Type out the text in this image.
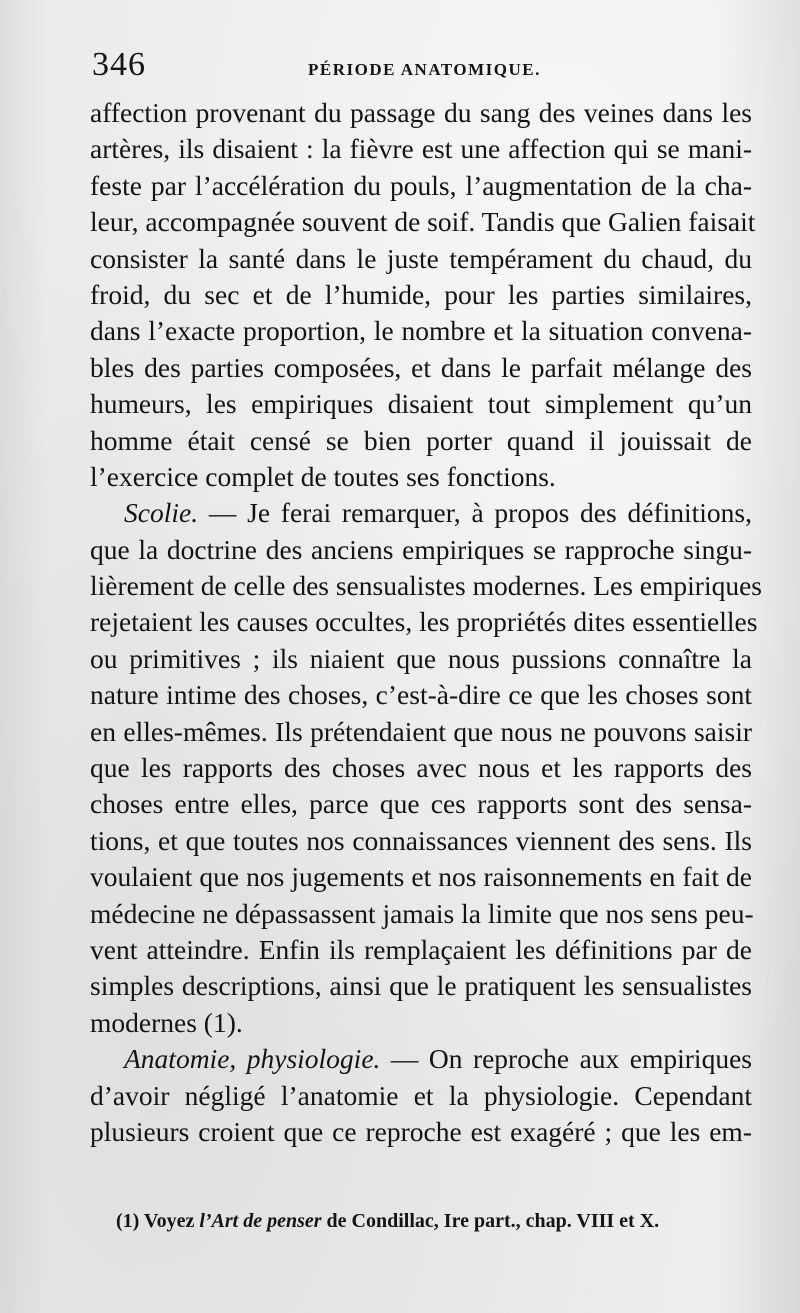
346	PÉRIODE ANATOMIQUE.
affection provenant du passage du sang des veines dans les
artères, ils disaient : la fièvre est une affection qui se mani-
feste par l’accélération du pouls, l’augmentation de la cha-
leur, accompagnée souvent de soif. Tandis que Galien faisait
consister la santé dans le juste tempérament du chaud, du
froid, du sec et de l’humide, pour les parties similaires,
dans l’exacte proportion, le nombre et la situation convena-
bles des parties composées, et dans le parfait mélange des
humeurs, les empiriques disaient tout simplement qu’un
homme était censé se bien porter quand il jouissait de
l’exercice complet de toutes ses fonctions.
Scolie. — Je ferai remarquer, à propos des définitions,
que la doctrine des anciens empiriques se rapproche singu-
lièrement de celle des sensualistes modernes. Les empiriques
rejetaient les causes occultes, les propriétés dites essentielles
ou primitives ; ils niaient que nous pussions connaître la
nature intime des choses, c’est-à-dire ce que les choses sont
en elles-mêmes. Ils prétendaient que nous ne pouvons saisir
que les rapports des choses avec nous et les rapports des
choses entre elles, parce que ces rapports sont des sensa-
tions, et que toutes nos connaissances viennent des sens. Ils
voulaient que nos jugements et nos raisonnements en fait de
médecine ne dépassassent jamais la limite que nos sens peu-
vent atteindre. Enfin ils remplaçaient les définitions par de
simples descriptions, ainsi que le pratiquent les sensualistes
modernes (1).
Anatomie, physiologie. — On reproche aux empiriques
d’avoir négligé l’anatomie et la physiologie. Cependant
plusieurs croient que ce reproche est exagéré ; que les em-
(1) Voyez l’Art de penser de Condillac, Ire part., chap. VIII et X.
